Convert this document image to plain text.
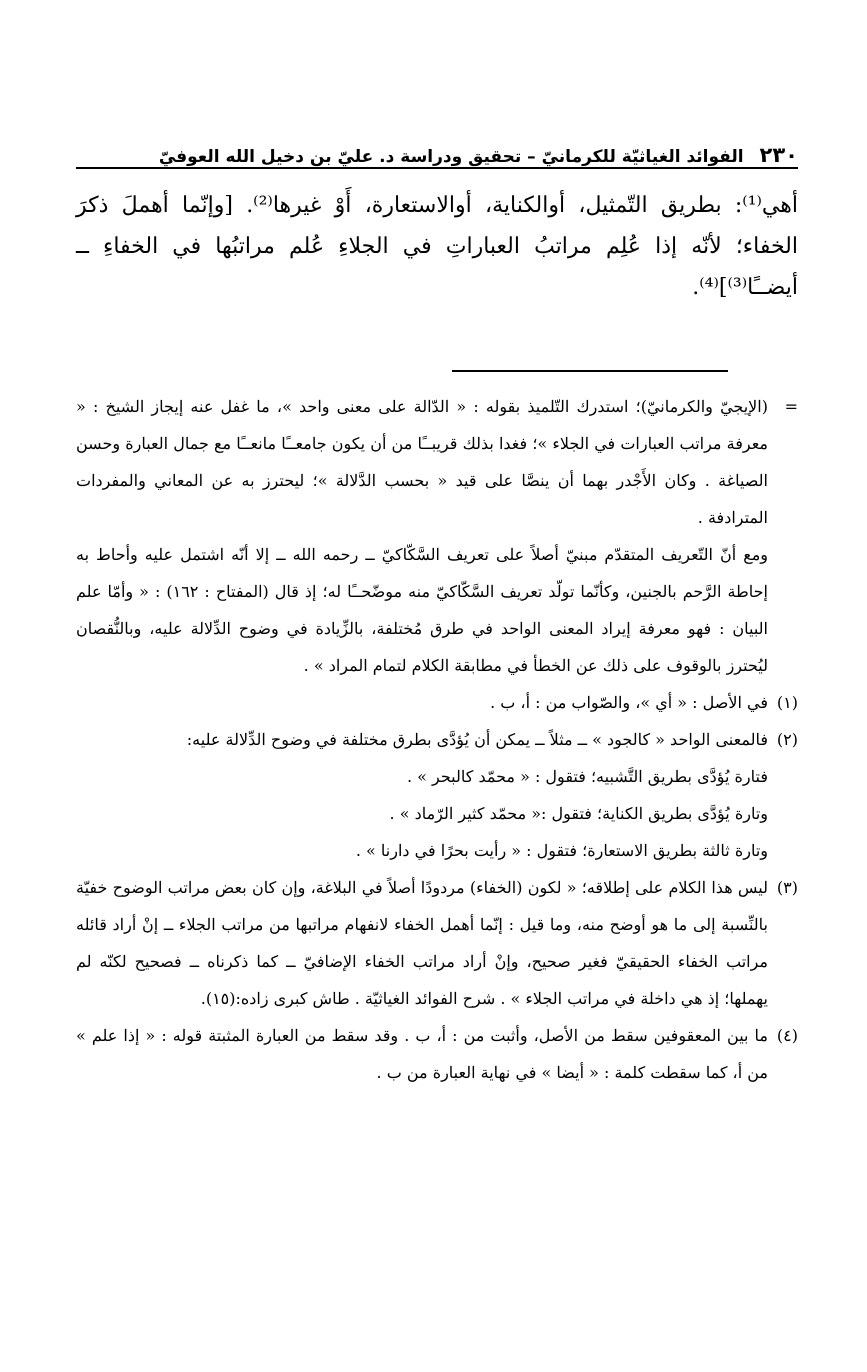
٢٣٠ الفوائد الغياثيّة للكرمانيّ – تحقيق ودراسة د. عليّ بن دخيل الله العوفيّ

أهي⁽¹⁾: بطريق التّمثيل، أوالكناية، أوالاستعارة، أَوْ غيرها⁽²⁾. [وإنّما أهملَ ذكرَ الخفاء؛ لأنّه إذا عُلِم مراتبُ العباراتِ في الجلاءِ عُلم مراتبُها في الخفاءِ ــ أيضــًا⁽³⁾]⁽⁴⁾.

=(الإيجيّ والكرمانيّ)؛ استدرك التّلميذ بقوله : « الدّالة على معنى واحد »، ما غفل عنه إيجاز الشيخ : « معرفة مراتب العبارات في الجلاء »؛ فغدا بذلك قريبــًا من أن يكون جامعــًا مانعــًا مع جمال العبارة وحسن الصياغة . وكان الأَجْدر بهما أن ينصَّا على قيد « بحسب الدَّلالة »؛ ليحترز به عن المعاني والمفردات المترادفة .

ومع أنّ التّعريف المتقدّم مبنيّ أصلاً على تعريف السَّكّاكيّ ــ رحمه الله ــ إلا أنّه اشتمل عليه وأحاط به إحاطة الرَّحم بالجنين، وكأنّما تولّد تعريف السَّكّاكيّ منه موضّحــًا له؛ إذ قال (المفتاح : ١٦٢) : « وأمّا علم البيان : فهو معرفة إيراد المعنى الواحد في طرق مُختلفة، بالزِّيادة في وضوح الدِّلالة عليه، وبالنُّقصان ليُحترز بالوقوف على ذلك عن الخطأ في مطابقة الكلام لتمام المراد » .

(١)في الأصل : « أي »، والصّواب من : أ، ب .

(٢)فالمعنى الواحد « كالجود » ــ مثلاً ــ يمكن أن يُؤدَّى بطرق مختلفة في وضوح الدِّلالة عليه:

فتارة يُؤدَّى بطريق التَّشبيه؛ فتقول : « محمّد كالبحر » .

وتارة يُؤدَّى بطريق الكناية؛ فتقول :« محمّد كثير الرّماد » .

وتارة ثالثة بطريق الاستعارة؛ فتقول : « رأيت بحرًا في دارنا » .

(٣)ليس هذا الكلام على إطلاقه؛ « لكون (الخفاء) مردودًا أصلاً في البلاغة، وإن كان بعض مراتب الوضوح خفيّة بالنِّسبة إلى ما هو أوضح منه، وما قيل : إنّما أهمل الخفاء لانفهام مراتبها من مراتب الجلاء ــ إنْ أراد قائله مراتب الخفاء الحقيقيّ فغير صحيح، وإنْ أراد مراتب الخفاء الإضافيّ ــ كما ذكرناه ــ فصحيح لكنّه لم يهملها؛ إذ هي داخلة في مراتب الجلاء » . شرح الفوائد الغياثيّة . طاش كبرى زاده:(١٥).

(٤)ما بين المعقوفين سقط من الأصل، وأثبت من : أ، ب . وقد سقط من العبارة المثبتة قوله : « إذا علم » من أ، كما سقطت كلمة : « أيضا » في نهاية العبارة من ب .
